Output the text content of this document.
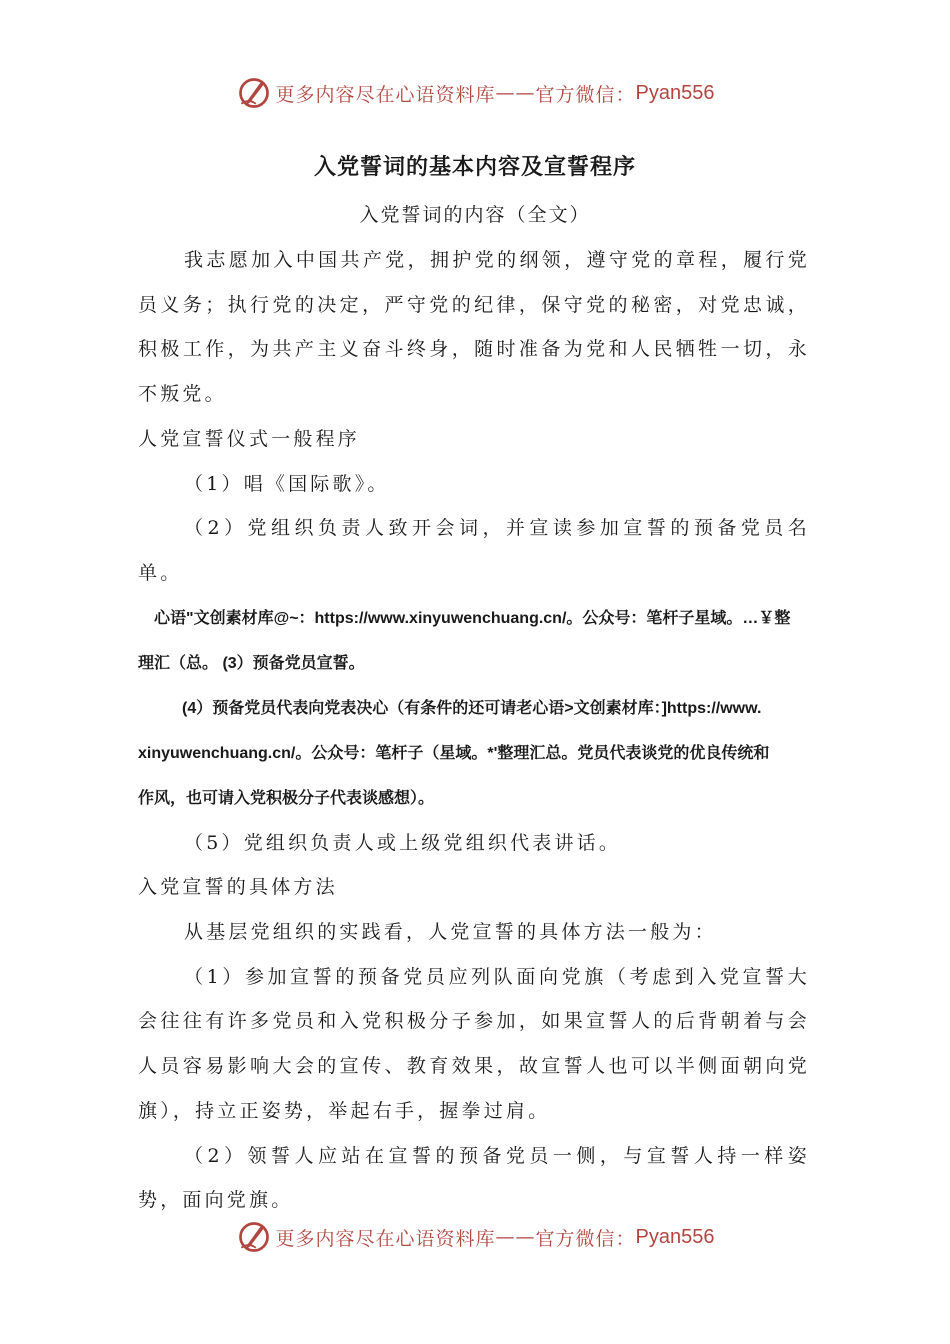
更多内容尽在心语资料库 —— 官方微信： Pyan556
入党誓词的基本内容及宣誓程序
入党誓词的内容（全文）

我志愿加入中国共产党，拥护党的纲领，遵守党的章程，履行党员义务；执行党的决定，严守党的纪律，保守党的秘密，对党忠诚，积极工作，为共产主义奋斗终身，随时准备为党和人民牺牲一切，永不叛党。

人党宣誓仪式一般程序

（1）唱《国际歌》。

（2）党组织负责人致开会词，并宣读参加宣誓的预备党员名单。

心语"文创素材库@~：https://www.xinyuwenchuang.cn/。公众号：笔杆子星域。…￥整

理汇（总。 (3）预备党员宣誓。

(4）预备党员代表向党表决心（有条件的还可请老心语>文创素材库：]https://www.

xinyuwenchuang.cn/。公众号：笔杆子（星域。*'整理汇总。党员代表谈党的优良传统和

作风，也可请入党积极分子代表谈感想）。

（5）党组织负责人或上级党组织代表讲话。

入党宣誓的具体方法

从基层党组织的实践看，人党宣誓的具体方法一般为：

（1）参加宣誓的预备党员应列队面向党旗（考虑到入党宣誓大会往往有许多党员和入党积极分子参加，如果宣誓人的后背朝着与会人员容易影响大会的宣传、教育效果，故宣誓人也可以半侧面朝向党旗），持立正姿势，举起右手，握拳过肩。

（2）领誓人应站在宣誓的预备党员一侧，与宣誓人持一样姿势，面向党旗。

更多内容尽在心语资料库 —— 官方微信： Pyan556
